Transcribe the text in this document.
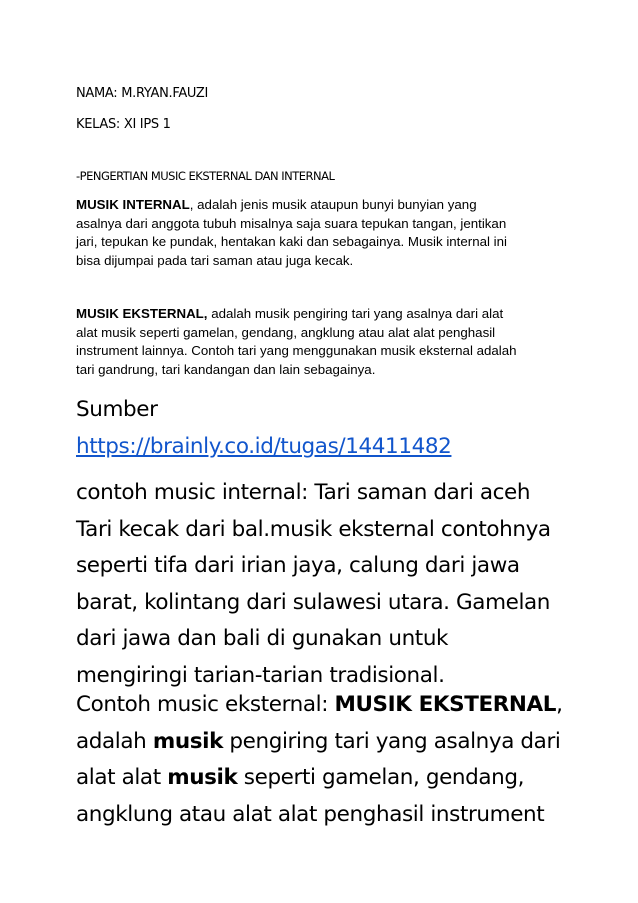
NAMA: M.RYAN.FAUZI

KELAS: XI IPS 1

-PENGERTIAN MUSIC EKSTERNAL DAN INTERNAL

MUSIK INTERNAL, adalah jenis musik ataupun bunyi bunyian yang
asalnya dari anggota tubuh misalnya saja suara tepukan tangan, jentikan
jari, tepukan ke pundak, hentakan kaki dan sebagainya. Musik internal ini
bisa dijumpai pada tari saman atau juga kecak.
MUSIK EKSTERNAL, adalah musik pengiring tari yang asalnya dari alat
alat musik seperti gamelan, gendang, angklung atau alat alat penghasil
instrument lainnya. Contoh tari yang menggunakan musik eksternal adalah
tari gandrung, tari kandangan dan lain sebagainya.
Sumber
https://brainly.co.id/tugas/14411482
contoh music internal: Tari saman dari aceh
Tari kecak dari bal.musik eksternal contohnya
seperti tifa dari irian jaya, calung dari jawa
barat, kolintang dari sulawesi utara. Gamelan
dari jawa dan bali di gunakan untuk
mengiringi tarian-tarian tradisional.
Contoh music eksternal: MUSIK EKSTERNAL,
adalah musik pengiring tari yang asalnya dari
alat alat musik seperti gamelan, gendang,
angklung atau alat alat penghasil instrument
